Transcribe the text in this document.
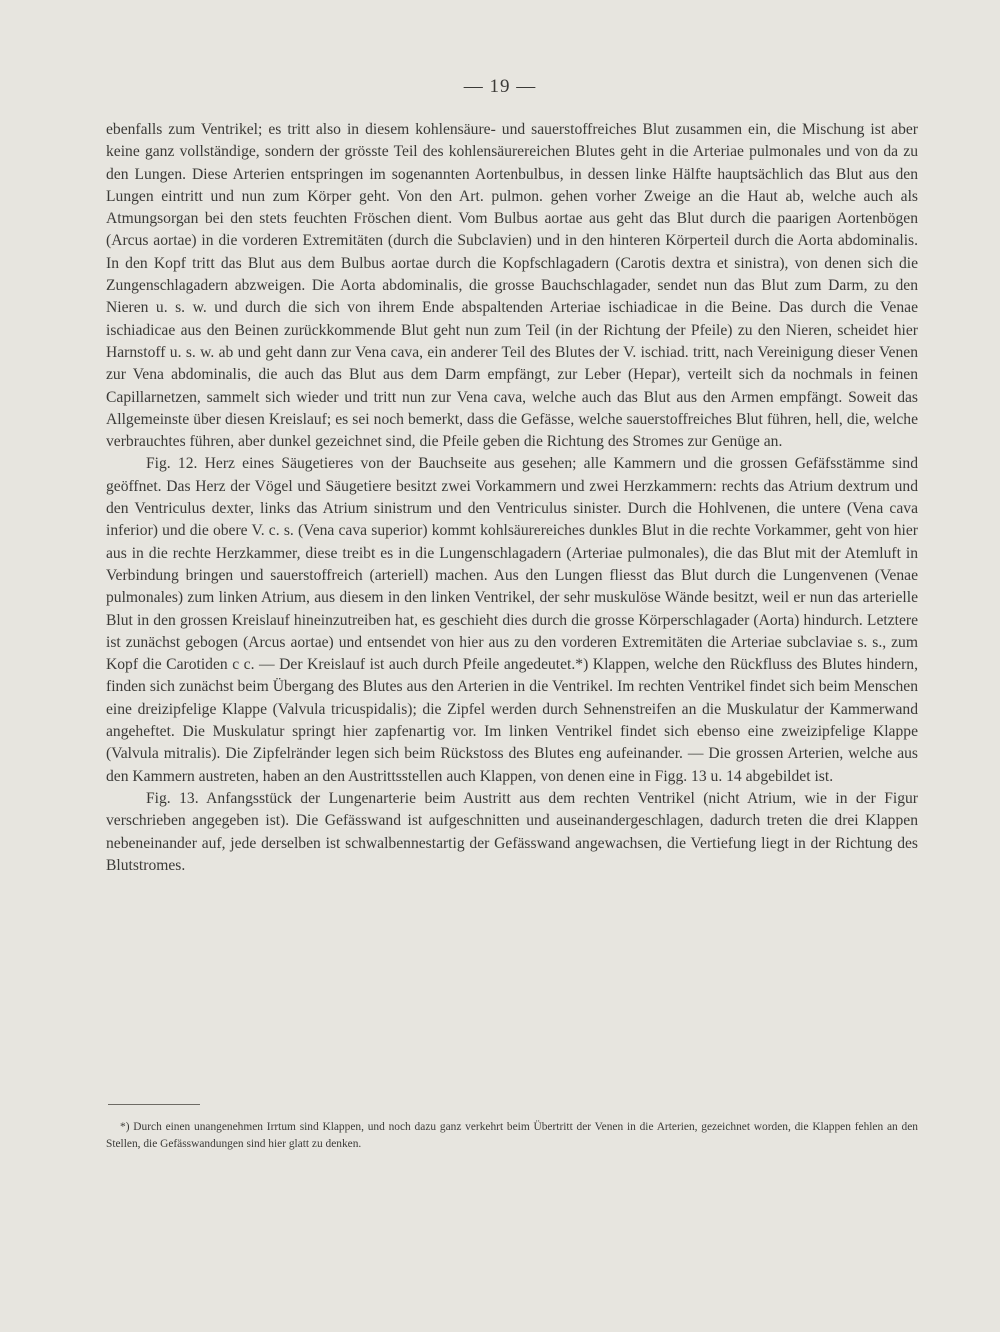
— 19 —

ebenfalls zum Ventrikel; es tritt also in diesem kohlensäure- und sauerstoffreiches Blut zusammen ein, die Mischung ist aber keine ganz vollständige, sondern der grösste Teil des kohlensäurereichen Blutes geht in die Arteriae pulmonales und von da zu den Lungen. Diese Arterien entspringen im sogenannten Aortenbulbus, in dessen linke Hälfte hauptsächlich das Blut aus den Lungen eintritt und nun zum Körper geht. Von den Art. pulmon. gehen vorher Zweige an die Haut ab, welche auch als Atmungsorgan bei den stets feuchten Fröschen dient. Vom Bulbus aortae aus geht das Blut durch die paarigen Aortenbögen (Arcus aortae) in die vorderen Extremitäten (durch die Subclavien) und in den hinteren Körperteil durch die Aorta abdominalis. In den Kopf tritt das Blut aus dem Bulbus aortae durch die Kopfschlagadern (Carotis dextra et sinistra), von denen sich die Zungenschlagadern abzweigen. Die Aorta abdominalis, die grosse Bauchschlagader, sendet nun das Blut zum Darm, zu den Nieren u. s. w. und durch die sich von ihrem Ende abspaltenden Arteriae ischiadicae in die Beine. Das durch die Venae ischiadicae aus den Beinen zurückkommende Blut geht nun zum Teil (in der Richtung der Pfeile) zu den Nieren, scheidet hier Harnstoff u. s. w. ab und geht dann zur Vena cava, ein anderer Teil des Blutes der V. ischiad. tritt, nach Vereinigung dieser Venen zur Vena abdominalis, die auch das Blut aus dem Darm empfängt, zur Leber (Hepar), verteilt sich da nochmals in feinen Capillarnetzen, sammelt sich wieder und tritt nun zur Vena cava, welche auch das Blut aus den Armen empfängt. Soweit das Allgemeinste über diesen Kreislauf; es sei noch bemerkt, dass die Gefässe, welche sauerstoffreiches Blut führen, hell, die, welche verbrauchtes führen, aber dunkel gezeichnet sind, die Pfeile geben die Richtung des Stromes zur Genüge an.

Fig. 12. Herz eines Säugetieres von der Bauchseite aus gesehen; alle Kammern und die grossen Gefäfsstämme sind geöffnet. Das Herz der Vögel und Säugetiere besitzt zwei Vorkammern und zwei Herzkammern: rechts das Atrium dextrum und den Ventriculus dexter, links das Atrium sinistrum und den Ventriculus sinister. Durch die Hohlvenen, die untere (Vena cava inferior) und die obere V. c. s. (Vena cava superior) kommt kohlsäurereiches dunkles Blut in die rechte Vorkammer, geht von hier aus in die rechte Herzkammer, diese treibt es in die Lungenschlagadern (Arteriae pulmonales), die das Blut mit der Atemluft in Verbindung bringen und sauerstoffreich (arteriell) machen. Aus den Lungen fliesst das Blut durch die Lungenvenen (Venae pulmonales) zum linken Atrium, aus diesem in den linken Ventrikel, der sehr muskulöse Wände besitzt, weil er nun das arterielle Blut in den grossen Kreislauf hineinzutreiben hat, es geschieht dies durch die grosse Körperschlagader (Aorta) hindurch. Letztere ist zunächst gebogen (Arcus aortae) und entsendet von hier aus zu den vorderen Extremitäten die Arteriae subclaviae s. s., zum Kopf die Carotiden c c. — Der Kreislauf ist auch durch Pfeile angedeutet.*) Klappen, welche den Rückfluss des Blutes hindern, finden sich zunächst beim Übergang des Blutes aus den Arterien in die Ventrikel. Im rechten Ventrikel findet sich beim Menschen eine dreizipfelige Klappe (Valvula tricuspidalis); die Zipfel werden durch Sehnenstreifen an die Muskulatur der Kammerwand angeheftet. Die Muskulatur springt hier zapfenartig vor. Im linken Ventrikel findet sich ebenso eine zweizipfelige Klappe (Valvula mitralis). Die Zipfelränder legen sich beim Rückstoss des Blutes eng aufeinander. — Die grossen Arterien, welche aus den Kammern austreten, haben an den Austrittsstellen auch Klappen, von denen eine in Figg. 13 u. 14 abgebildet ist.

Fig. 13. Anfangsstück der Lungenarterie beim Austritt aus dem rechten Ventrikel (nicht Atrium, wie in der Figur verschrieben angegeben ist). Die Gefässwand ist aufgeschnitten und auseinandergeschlagen, dadurch treten die drei Klappen nebeneinander auf, jede derselben ist schwalbennestartig der Gefässwand angewachsen, die Vertiefung liegt in der Richtung des Blutstromes.

*) Durch einen unangenehmen Irrtum sind Klappen, und noch dazu ganz verkehrt beim Übertritt der Venen in die Arterien, gezeichnet worden, die Klappen fehlen an den Stellen, die Gefässwandungen sind hier glatt zu denken.
